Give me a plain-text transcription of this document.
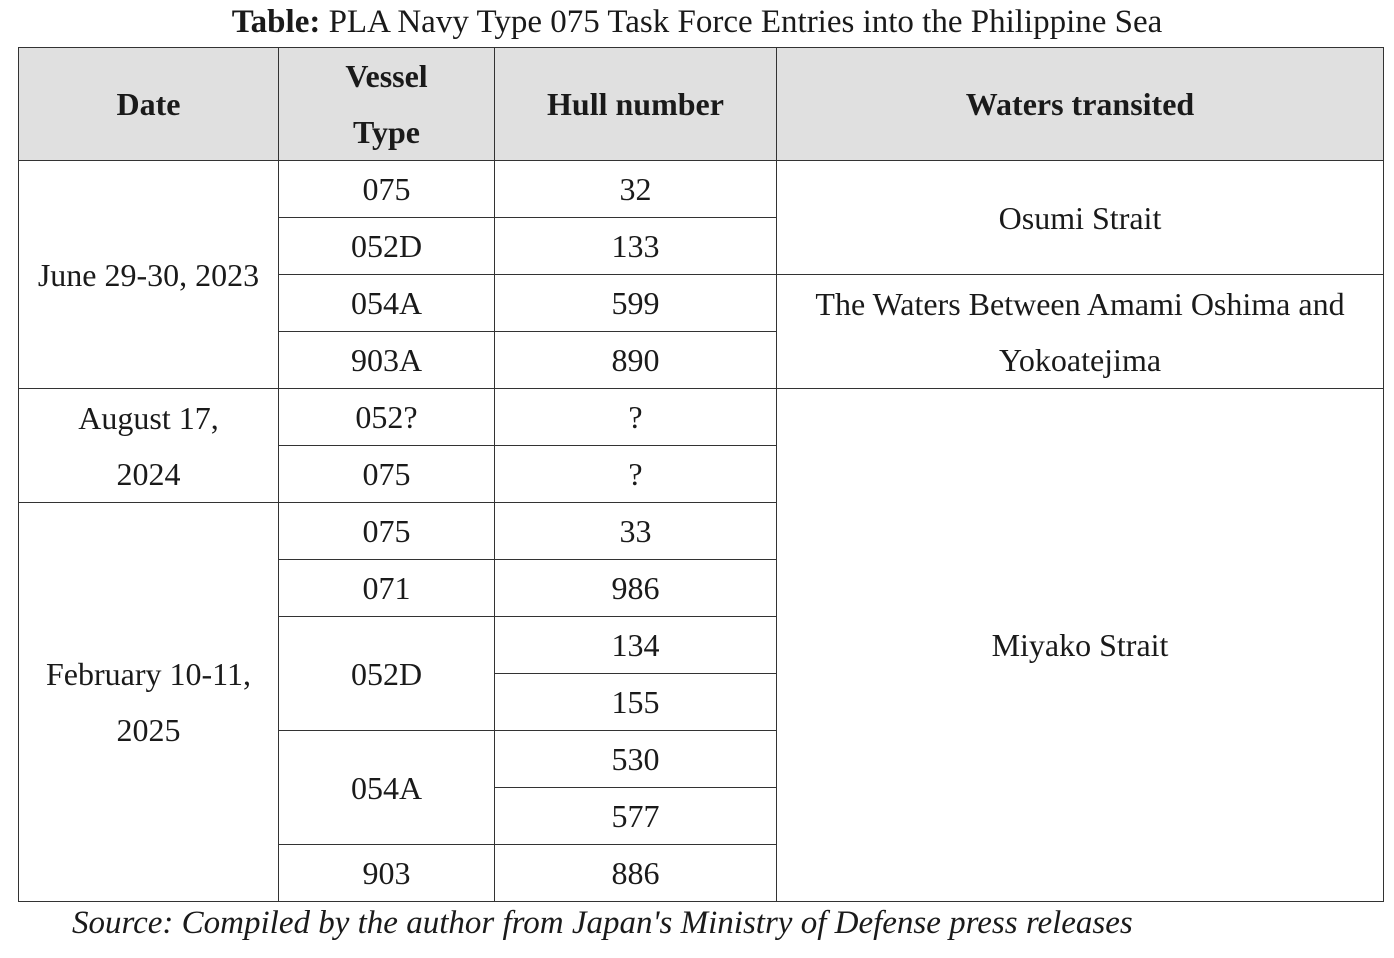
Table: PLA Navy Type 075 Task Force Entries into the Philippine Sea
Date	Vessel Type	Hull number	Waters transited
June 29-30, 2023	075	32	Osumi Strait
	052D	133	
	054A	599	The Waters Between Amami Oshima and Yokoatejima
	903A	890	
August 17, 2024	052?	?	Miyako Strait
	075	?	
February 10-11, 2025	075	33	
	071	986	
	052D	134	
		155	
	054A	530	
		577	
	903	886	
Source: Compiled by the author from Japan's Ministry of Defense press releases
